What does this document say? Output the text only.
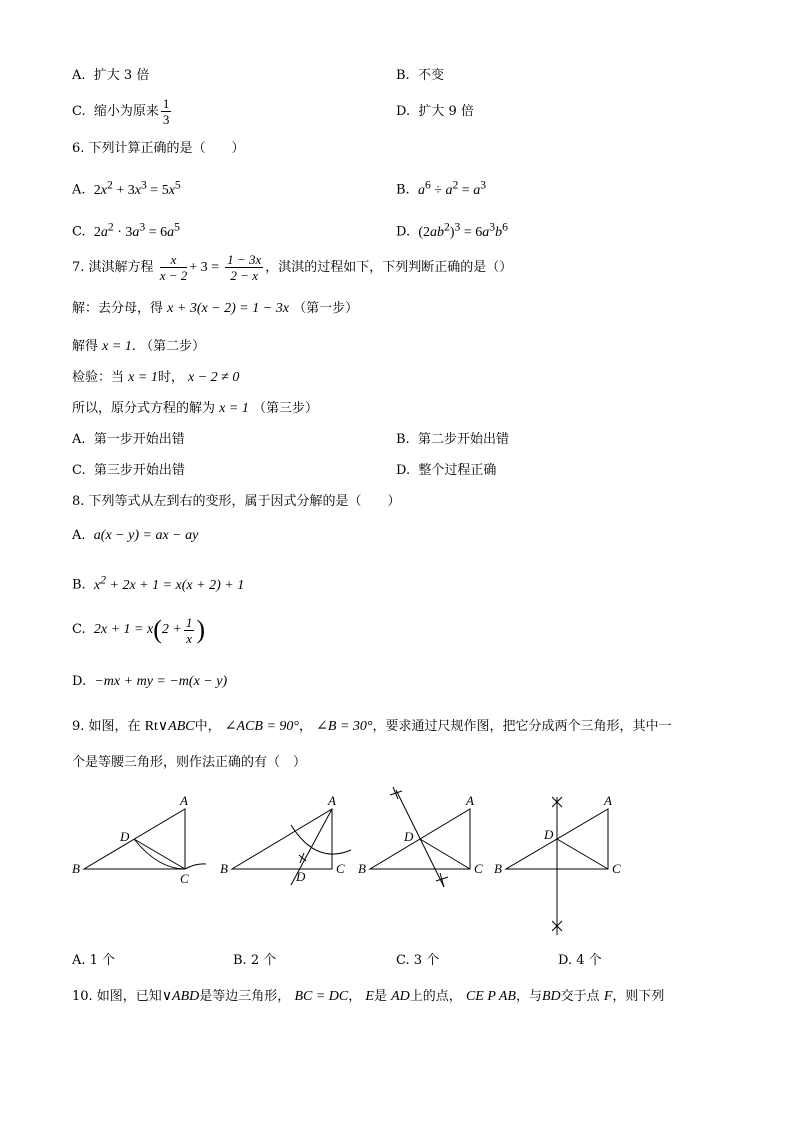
A. 扩大 3 倍	B. 不变
C. 缩小为原来 $\frac{1}{3}$	D. 扩大 9 倍
6. 下列计算正确的是（　　）
A. $2x^2 + 3x^3 = 5x^5$	B. $a^6 \div a^2 = a^3$
C. $2a^2 \cdot 3a^3 = 6a^5$	D. $(2ab^2)^3 = 6a^3b^6$
7. 淇淇解方程 $\frac{x}{x - 2} + 3 = \frac{1 - 3x}{2 - x}$ ，淇淇的过程如下，下列判断正确的是（）
解：去分母，得 x + 3(x − 2) = 1 − 3x （第一步）
解得 x = 1. （第二步）
检验：当 x = 1时， x − 2 ≠ 0
所以，原分式方程的解为 x = 1 （第三步）
A. 第一步开始出错	B. 第二步开始出错
C. 第三步开始出错	D. 整个过程正确
8. 下列等式从左到右的变形，属于因式分解的是（　　）
A. a(x − y) = ax − ay
B. $x^2 + 2x + 1 = x(x + 2) + 1$
C. $2x + 1 = x(2 + \frac{1}{x}$ )
D. −mx + my = −m(x − y)
9. 如图，在 Rt∨ABC中， ∠ACB = 90°， ∠B = 30°，要求通过尺规作图，把它分成两个三角形，其中一
个是等腰三角形，则作法正确的有（　）
B
A
C
D
B
A
C
D
B
A
C
D
B
A
C
D
A. 1 个	B. 2 个	C. 3 个	D. 4 个
10. 如图，已知∨ABD是等边三角形， BC = DC， E是 AD上的点， CE P AB，与BD交于点 F，则下列
